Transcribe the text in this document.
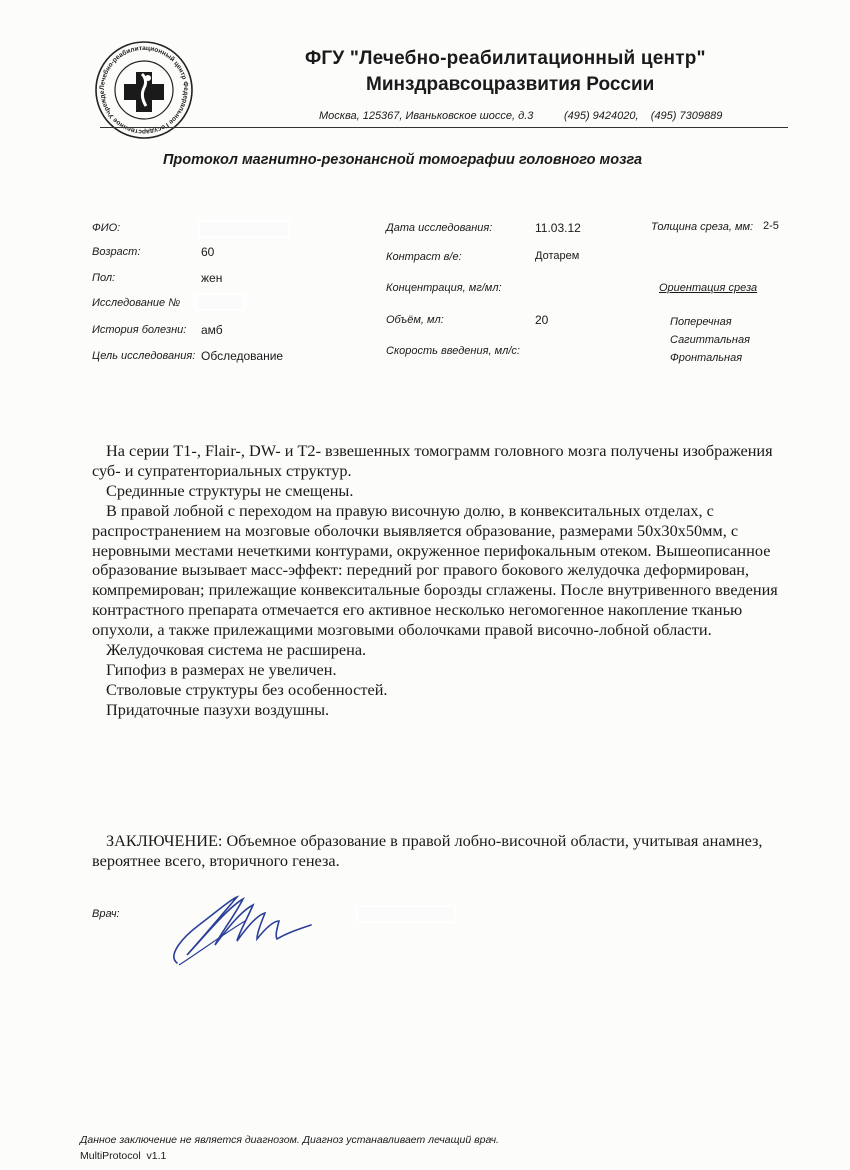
Лечебно-реабилитационный центр Федеральное Государственное Учрежде
ФГУ "Лечебно-реабилитационный центр"
Минздравсоцразвития России
Москва, 125367, Иваньковское шоссе, д.3          (495) 9424020,    (495) 7309889
Протокол магнитно-резонансной томографии головного мозга
ФИО:
Возраст:	60
Пол:	жен
Исследование №
История болезни: амб
Цель исследования: Обследование
Дата исследования:	11.03.12
Контраст в/е:	Дотарем
Концентрация, мг/мл:
Объём, мл:	20
Скорость введения, мл/с:
Толщина среза, мм: 2-5
Ориентация среза
Поперечная
Сагиттальная
Фронтальная

На серии T1-, Flair-, DW- и T2- взвешенных томограмм головного мозга получены изображения суб- и супратенториальных структур.

Срединные структуры не смещены.

В правой лобной с переходом на правую височную долю, в конвекситальных отделах, с распространением на мозговые оболочки выявляется образование, размерами 50x30x50мм, с неровными местами нечеткими контурами, окруженное перифокальным отеком. Вышеописанное образование вызывает масс-эффект: передний рог правого бокового желудочка деформирован, компремирован; прилежащие конвекситальные борозды сглажены. После внутривенного введения контрастного препарата отмечается его активное несколько негомогенное накопление тканью опухоли, а также прилежащими мозговыми оболочками правой височно-лобной области.

Желудочковая система не расширена.

Гипофиз в размерах не увеличен.

Стволовые структуры без особенностей.

Придаточные пазухи воздушны.

ЗАКЛЮЧЕНИЕ: Объемное образование в правой лобно-височной области, учитывая анамнез, вероятнее всего, вторичного генеза.

Врач:
Данное заключение не является диагнозом. Диагноз устанавливает лечащий врач.
MultiProtocol  v1.1
